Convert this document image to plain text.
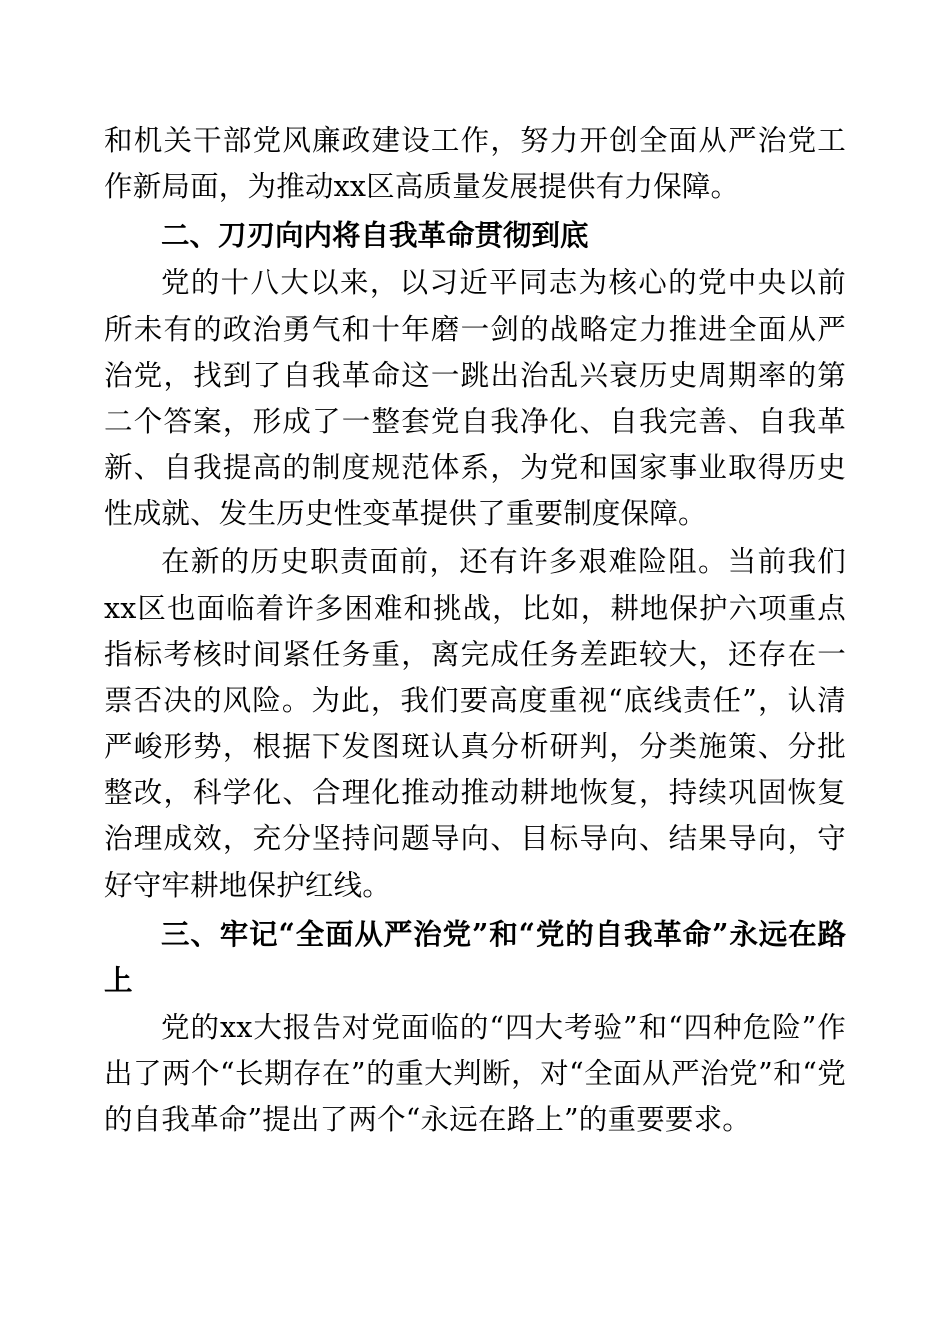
和机关干部党风廉政建设工作，努力开创全面从严治党工作新局面，为推动xx区高质量发展提供有力保障。

二、刀刃向内将自我革命贯彻到底

党的十八大以来，以习近平同志为核心的党中央以前所未有的政治勇气和十年磨一剑的战略定力推进全面从严治党，找到了自我革命这一跳出治乱兴衰历史周期率的第二个答案，形成了一整套党自我净化、自我完善、自我革新、自我提高的制度规范体系，为党和国家事业取得历史性成就、发生历史性变革提供了重要制度保障。

在新的历史职责面前，还有许多艰难险阻。当前我们xx区也面临着许多困难和挑战，比如，耕地保护六项重点指标考核时间紧任务重，离完成任务差距较大，还存在一票否决的风险。为此，我们要高度重视“底线责任”，认清严峻形势，根据下发图斑认真分析研判，分类施策、分批整改，科学化、合理化推动推动耕地恢复，持续巩固恢复治理成效，充分坚持问题导向、目标导向、结果导向，守好守牢耕地保护红线。

三、牢记“全面从严治党”和“党的自我革命”永远在路上

党的xx大报告对党面临的“四大考验”和“四种危险”作出了两个“长期存在”的重大判断，对“全面从严治党”和“党的自我革命”提出了两个“永远在路上”的重要要求。
